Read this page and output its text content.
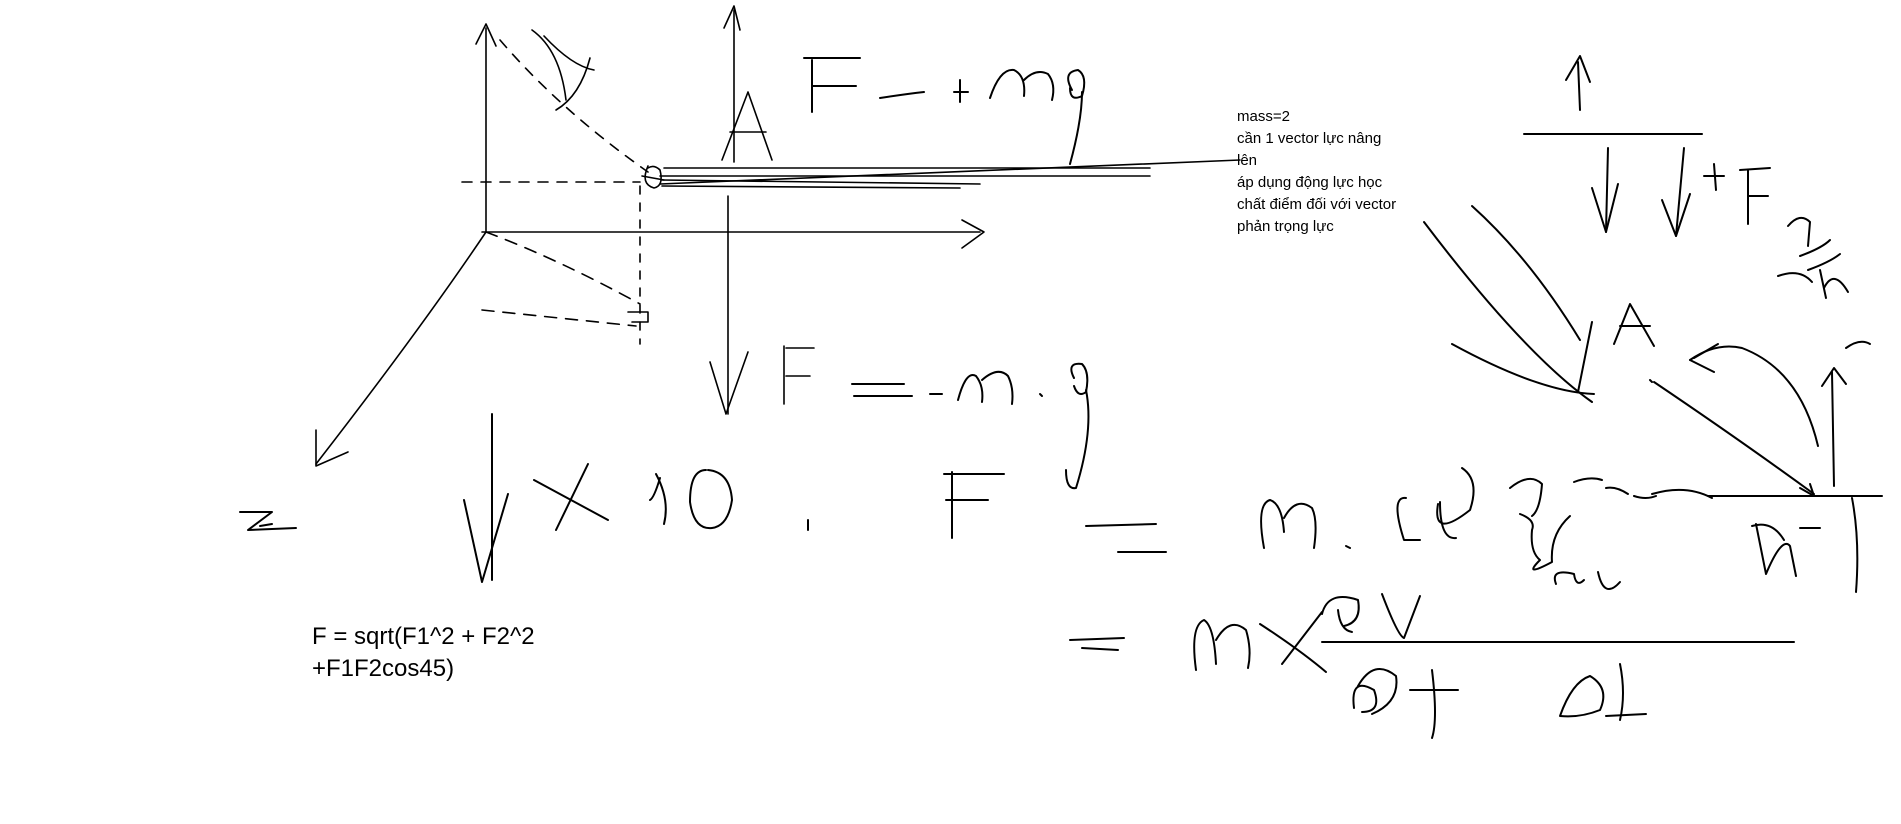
F = + mg
F = -m.g
y
x
z
x 10	F
= m
dv
quán tính
dt
= m x
Δv
Δt	dt
mass=2
cần 1 vector lực nâng
lên
áp dụng động lực học
chất điểm đối với vector
phản trọng lực
F = sqrt(F1^2 + F2^2
+F1F2cos45)
